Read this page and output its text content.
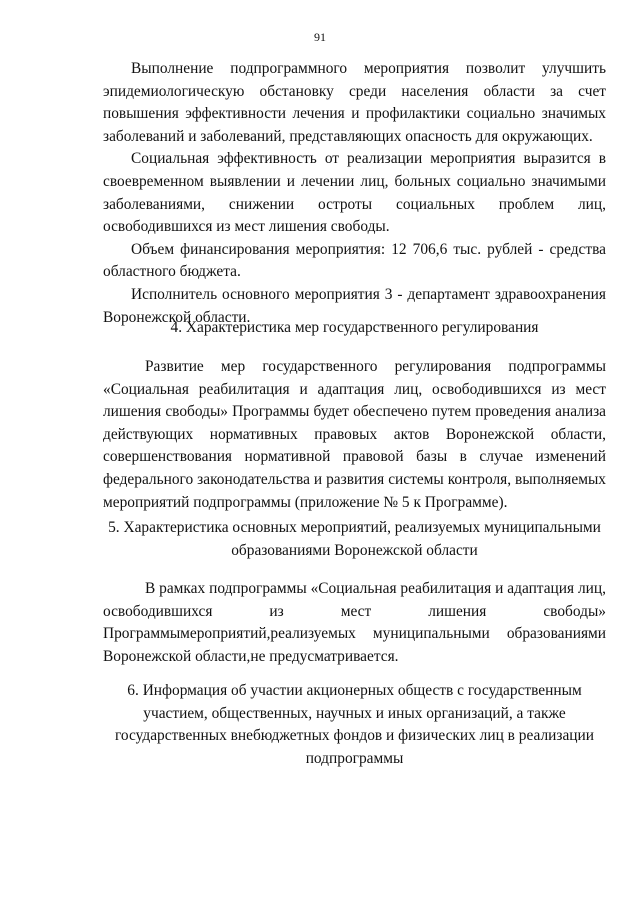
91

Выполнение подпрограммного мероприятия позволит улучшить эпидемиологическую обстановку среди населения области за счет повышения эффективности лечения и профилактики социально значимых заболеваний и заболеваний, представляющих опасность для окружающих.

Социальная эффективность от реализации мероприятия выразится в своевременном выявлении и лечении лиц, больных социально значимыми заболеваниями, снижении остроты социальных проблем лиц, освободившихся из мест лишения свободы.

Объем финансирования мероприятия: 12 706,6 тыс. рублей - средства областного бюджета.

Исполнитель основного мероприятия 3 - департамент здравоохранения Воронежской области.

4. Характеристика мер государственного регулирования

Развитие мер государственного регулирования подпрограммы «Социальная реабилитация и адаптация лиц, освободившихся из мест лишения свободы» Программы будет обеспечено путем проведения анализа действующих нормативных правовых актов Воронежской области, совершенствования нормативной правовой базы в случае изменений федерального законодательства и развития системы контроля, выполняемых мероприятий подпрограммы (приложение № 5 к Программе).

5. Характеристика основных мероприятий, реализуемых муниципальными образованиями Воронежской области

В рамках подпрограммы «Социальная реабилитация и адаптация лиц, освободившихся из мест лишения свободы» Программымероприятий,реализуемых муниципальными образованиями Воронежской области,не предусматривается.

6. Информация об участии акционерных обществ с государственным участием, общественных, научных и иных организаций, а также государственных внебюджетных фондов и физических лиц в реализации подпрограммы
